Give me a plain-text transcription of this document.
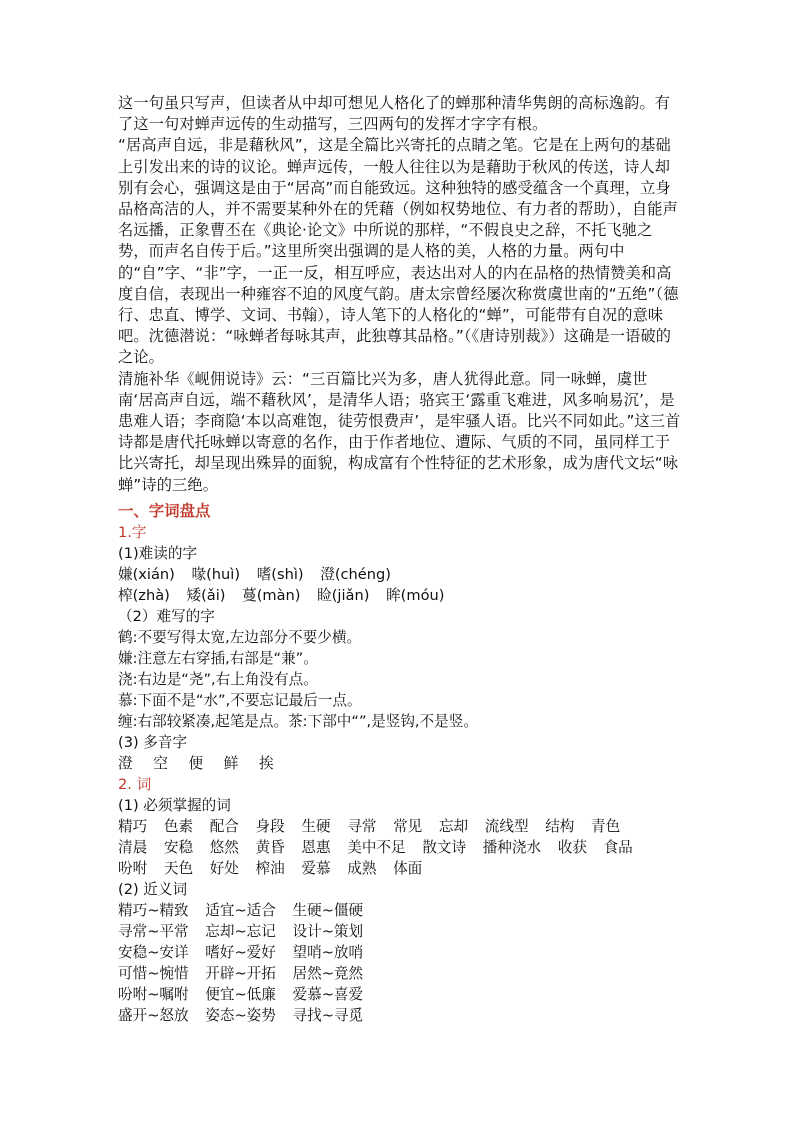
这一句虽只写声，但读者从中却可想见人格化了的蝉那种清华隽朗的高标逸韵。有了这一句对蝉声远传的生动描写，三四两句的发挥才字字有根。

“居高声自远，非是藉秋风”，这是全篇比兴寄托的点睛之笔。它是在上两句的基础上引发出来的诗的议论。蝉声远传，一般人往往以为是藉助于秋风的传送，诗人却别有会心，强调这是由于“居高”而自能致远。这种独特的感受蕴含一个真理，立身品格高洁的人，并不需要某种外在的凭藉（例如权势地位、有力者的帮助），自能声名远播，正象曹丕在《典论·论文》中所说的那样，“不假良史之辞，不托飞驰之势，而声名自传于后。”这里所突出强调的是人格的美，人格的力量。两句中的“自”字、“非”字，一正一反，相互呼应，表达出对人的内在品格的热情赞美和高度自信，表现出一种雍容不迫的风度气韵。唐太宗曾经屡次称赏虞世南的“五绝”（德行、忠直、博学、文词、书翰），诗人笔下的人格化的“蝉”，可能带有自况的意味吧。沈德潜说：“咏蝉者每咏其声，此独尊其品格。”（《唐诗别裁》）这确是一语破的之论。

清施补华《岘佣说诗》云：“三百篇比兴为多，唐人犹得此意。同一咏蝉，虞世南‘居高声自远，端不藉秋风’，是清华人语；骆宾王‘露重飞难进，风多响易沉’，是患难人语；李商隐‘本以高难饱，徒劳恨费声’，是牢骚人语。比兴不同如此。”这三首诗都是唐代托咏蝉以寄意的名作，由于作者地位、遭际、气质的不同，虽同样工于比兴寄托，却呈现出殊异的面貌，构成富有个性特征的艺术形象，成为唐代文坛“咏蝉”诗的三绝。

一、字词盘点
1.字
(1)难读的字
嫌(xián) 喙(huì) 嗜(shì) 澄(chéng)
榨(zhà) 矮(ǎi) 蔓(màn) 睑(jiǎn) 眸(móu)
（2）难写的字
鹤:不要写得太宽,左边部分不要少横。
嫌:注意左右穿插,右部是“兼”。
浇:右边是“尧”,右上角没有点。
慕:下面不是“水”,不要忘记最后一点。
缠:右部较紧凑,起笔是点。茶:下部中“”,是竖钩,不是竖。
(3) 多音字
澄 空 便 鲜 挨
2. 词
(1) 必须掌握的词
精巧 色素 配合 身段 生硬 寻常 常见 忘却 流线型 结构 青色
清晨 安稳 悠然 黄昏 恩惠 美中不足 散文诗 播种浇水 收获 食品
吩咐 天色 好处 榨油 爱慕 成熟 体面
(2) 近义词
精巧~精致 适宜~适合 生硬~僵硬
寻常~平常 忘却~忘记 设计~策划
安稳~安详 嗜好~爱好 望哨~放哨
可惜~惋惜 开辟~开拓 居然~竟然
吩咐~嘱咐 便宜~低廉 爱慕~喜爱
盛开~怒放 姿态~姿势 寻找~寻觅
